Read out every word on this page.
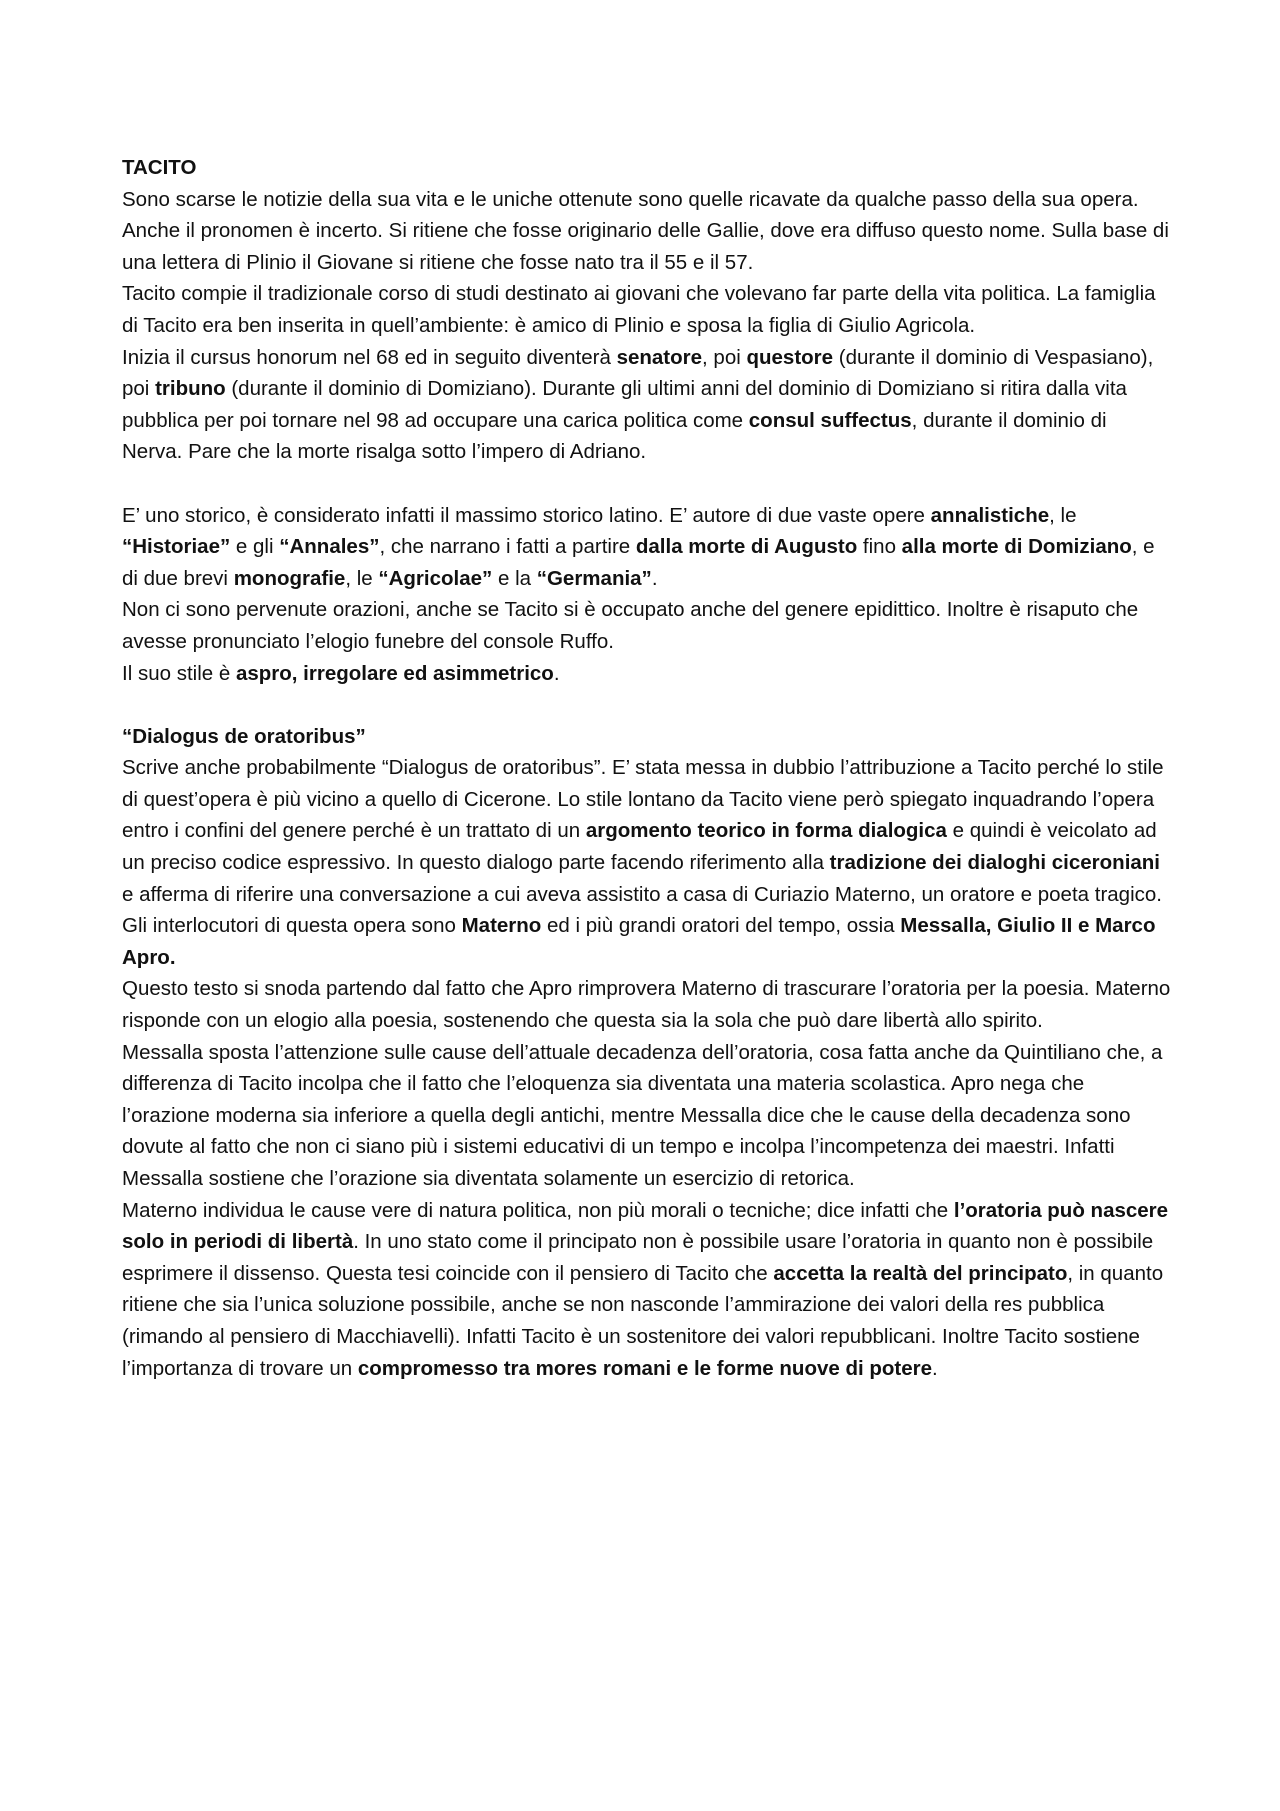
TACITO

Sono scarse le notizie della sua vita e le uniche ottenute sono quelle ricavate da qualche passo della sua opera. Anche il pronomen è incerto. Si ritiene che fosse originario delle Gallie, dove era diffuso questo nome. Sulla base di una lettera di Plinio il Giovane si ritiene che fosse nato tra il 55 e il 57.

Tacito compie il tradizionale corso di studi destinato ai giovani che volevano far parte della vita politica. La famiglia di Tacito era ben inserita in quell’ambiente: è amico di Plinio e sposa la figlia di Giulio Agricola.

Inizia il cursus honorum nel 68 ed in seguito diventerà senatore, poi questore (durante il dominio di Vespasiano), poi tribuno (durante il dominio di Domiziano). Durante gli ultimi anni del dominio di Domiziano si ritira dalla vita pubblica per poi tornare nel 98 ad occupare una carica politica come consul suffectus, durante il dominio di Nerva. Pare che la morte risalga sotto l’impero di Adriano.

E’ uno storico, è considerato infatti il massimo storico latino. E’ autore di due vaste opere annalistiche, le “Historiae” e gli “Annales”, che narrano i fatti a partire dalla morte di Augusto fino alla morte di Domiziano, e di due brevi monografie, le “Agricolae” e la “Germania”.

Non ci sono pervenute orazioni, anche se Tacito si è occupato anche del genere epidittico. Inoltre è risaputo che avesse pronunciato l’elogio funebre del console Ruffo.

Il suo stile è aspro, irregolare ed asimmetrico.

“Dialogus de oratoribus”

Scrive anche probabilmente “Dialogus de oratoribus”. E’ stata messa in dubbio l’attribuzione a Tacito perché lo stile di quest’opera è più vicino a quello di Cicerone. Lo stile lontano da Tacito viene però spiegato inquadrando l’opera entro i confini del genere perché è un trattato di un argomento teorico in forma dialogica e quindi è veicolato ad un preciso codice espressivo. In questo dialogo parte facendo riferimento alla tradizione dei dialoghi ciceroniani e afferma di riferire una conversazione a cui aveva assistito a casa di Curiazio Materno, un oratore e poeta tragico. Gli interlocutori di questa opera sono Materno ed i più grandi oratori del tempo, ossia Messalla, Giulio II e Marco Apro.

Questo testo si snoda partendo dal fatto che Apro rimprovera Materno di trascurare l’oratoria per la poesia. Materno risponde con un elogio alla poesia, sostenendo che questa sia la sola che può dare libertà allo spirito.

Messalla sposta l’attenzione sulle cause dell’attuale decadenza dell’oratoria, cosa fatta anche da Quintiliano che, a differenza di Tacito incolpa che il fatto che l’eloquenza sia diventata una materia scolastica. Apro nega che l’orazione moderna sia inferiore a quella degli antichi, mentre Messalla dice che le cause della decadenza sono dovute al fatto che non ci siano più i sistemi educativi di un tempo e incolpa l’incompetenza dei maestri. Infatti Messalla sostiene che l’orazione sia diventata solamente un esercizio di retorica.

Materno individua le cause vere di natura politica, non più morali o tecniche; dice infatti che l’oratoria può nascere solo in periodi di libertà. In uno stato come il principato non è possibile usare l’oratoria in quanto non è possibile esprimere il dissenso. Questa tesi coincide con il pensiero di Tacito che accetta la realtà del principato, in quanto ritiene che sia l’unica soluzione possibile, anche se non nasconde l’ammirazione dei valori della res pubblica (rimando al pensiero di Macchiavelli). Infatti Tacito è un sostenitore dei valori repubblicani. Inoltre Tacito sostiene l’importanza di trovare un compromesso tra mores romani e le forme nuove di potere.
